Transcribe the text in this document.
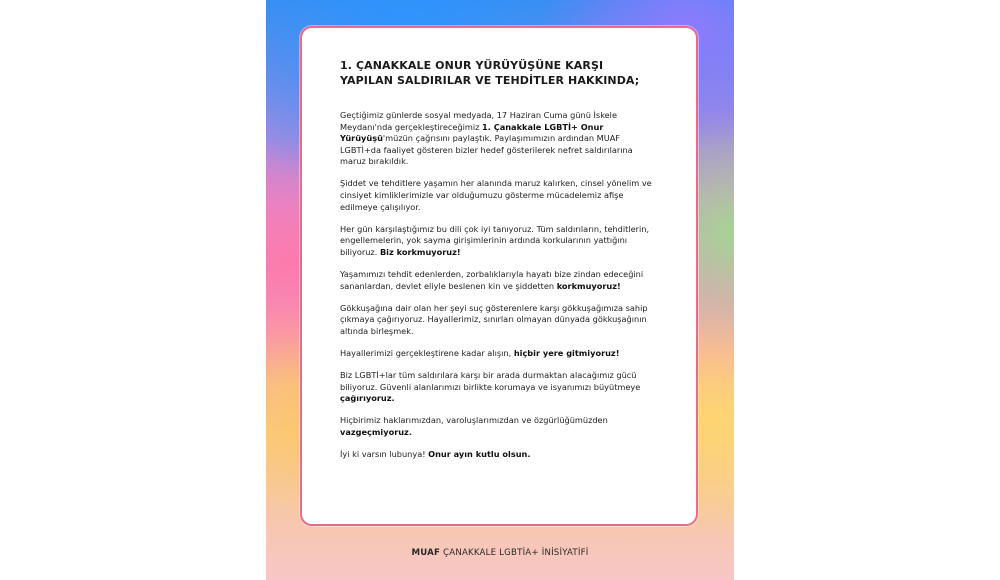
1. ÇANAKKALE ONUR YÜRÜYÜŞÜNE KARŞI YAPILAN SALDIRILAR VE TEHDİTLER HAKKINDA;

Geçtiğimiz günlerde sosyal medyada, 17 Haziran Cuma günü İskele Meydanı'nda gerçekleştireceğimiz 1. Çanakkale LGBTİ+ Onur Yürüyüşü'müzün çağrısını paylaştık. Paylaşımımızın ardından MUAF LGBTİ+da faaliyet gösteren bizler hedef gösterilerek nefret saldırılarına maruz bırakıldık.

Şiddet ve tehditlere yaşamın her alanında maruz kalırken, cinsel yönelim ve cinsiyet kimliklerimizle var olduğumuzu gösterme mücadelemiz afişe edilmeye çalışılıyor.

Her gün karşılaştığımız bu dili çok iyi tanıyoruz. Tüm saldırıların, tehditlerin, engellemelerin, yok sayma girişimlerinin ardında korkularının yattığını biliyoruz. Biz korkmuyoruz!

Yaşamımızı tehdit edenlerden, zorbalıklarıyla hayatı bize zindan edeceğini sananlardan, devlet eliyle beslenen kin ve şiddetten korkmuyoruz!

Gökkuşağına dair olan her şeyi suç gösterenlere karşı gökkuşağımıza sahip çıkmaya çağırıyoruz. Hayallerimiz, sınırları olmayan dünyada gökkuşağının altında birleşmek.

Hayallerimizi gerçekleştirene kadar alışın, hiçbir yere gitmiyoruz!

Biz LGBTİ+lar tüm saldırılara karşı bir arada durmaktan alacağımız gücü biliyoruz. Güvenli alanlarımızı birlikte korumaya ve isyanımızı büyütmeye çağırıyoruz.

Hiçbirimiz haklarımızdan, varoluşlarımızdan ve özgürlüğümüzden vazgeçmiyoruz.

İyi ki varsın lubunya! Onur ayın kutlu olsun.

MUAF ÇANAKKALE LGBTİA+ İNİSİYATİFİ
